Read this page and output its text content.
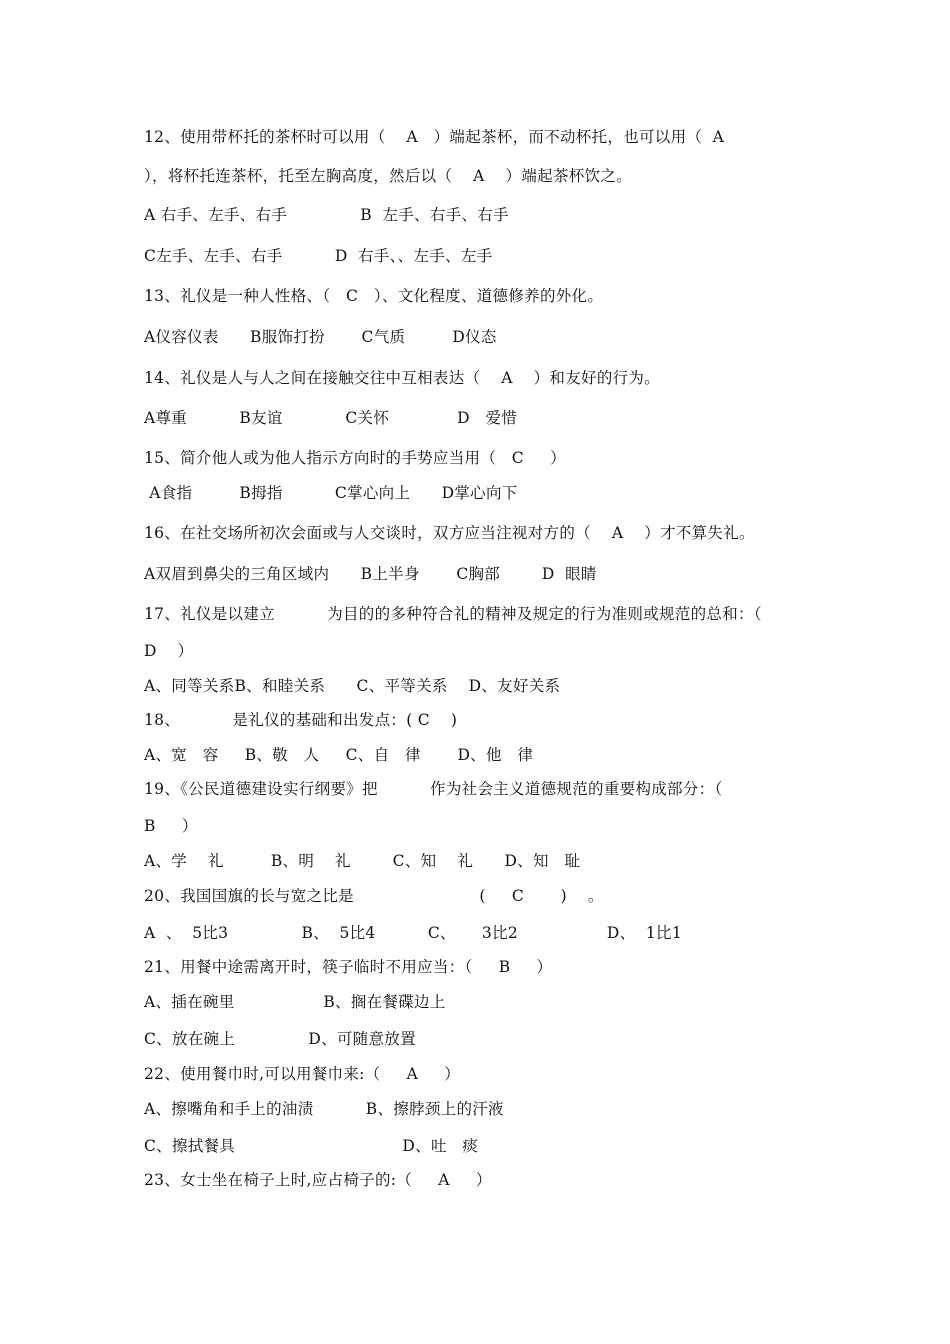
12、使用带杯托的茶杯时可以用（    A   ）端起茶杯，而不动杯托，也可以用（  A

），将杯托连茶杯，托至左胸高度，然后以（    A    ）端起茶杯饮之。

A 右手、左手、右手              B  左手、右手、右手

C左手、左手、右手          D  右手、、左手、左手

13、礼仪是一种人性格、（   C   ）、文化程度、道德修养的外化。

A仪容仪表      B服饰打扮       C气质         D仪态

14、礼仪是人与人之间在接触交往中互相表达（    A    ）和友好的行为。

A尊重          B友谊            C关怀             D   爱惜

15、简介他人或为他人指示方向时的手势应当用（   C     ）

A食指         B拇指          C掌心向上      D掌心向下

16、在社交场所初次会面或与人交谈时，双方应当注视对方的（    A    ）才不算失礼。

A双眉到鼻尖的三角区域内      B上半身       C胸部        D  眼睛

17、礼仪是以建立          为目的的多种符合礼的精神及规定的行为准则或规范的总和：（

D    ）

A、同等关系B、和睦关系      C、平等关系    D、友好关系

18、          是礼仪的基础和出发点：( C    )

A、宽   容     B、敬   人     C、自   律       D、他   律

19、《公民道德建设实行纲要》把          作为社会主义道德规范的重要构成部分：（

B     ）

A、学    礼         B、明    礼        C、知    礼      D、知   耻

20、我国国旗的长与宽之比是                        (     C       )    。

A  、  5比3              B、  5比4          C、     3比2                 D、  1比1

21、用餐中途需离开时，筷子临时不用应当：（     B     ）

A、插在碗里                 B、搁在餐碟边上

C、放在碗上              D、可随意放置

22、使用餐巾时,可以用餐巾来:（     A     ）

A、擦嘴角和手上的油渍          B、擦脖颈上的汗液

C、擦拭餐具                                D、吐   痰

23、女士坐在椅子上时,应占椅子的:（     A     ）
